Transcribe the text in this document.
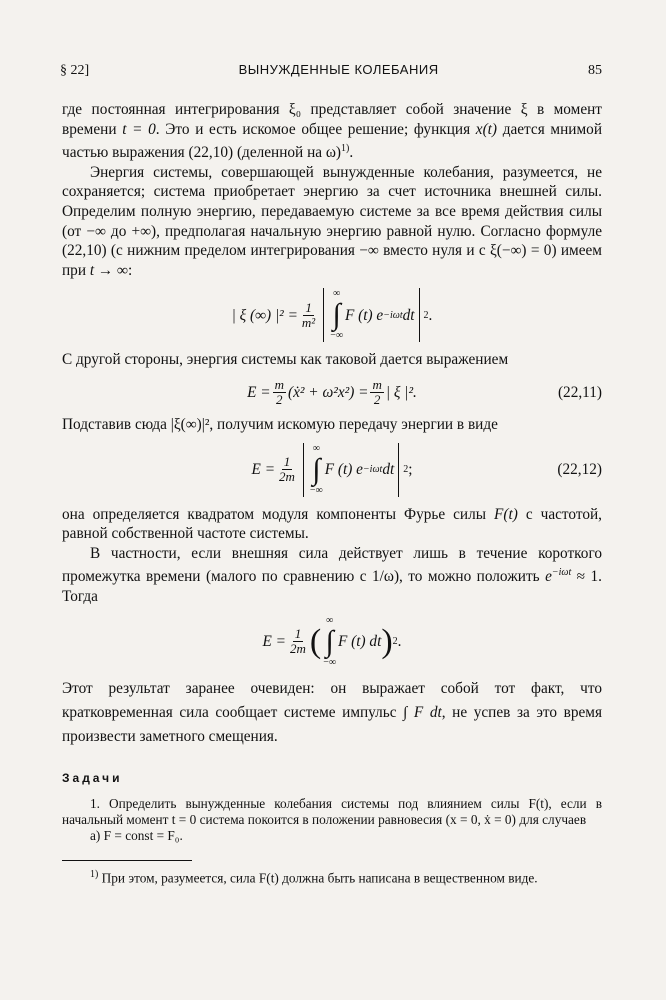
§ 22]	ВЫНУЖДЕННЫЕ КОЛЕБАНИЯ	85

где постоянная интегрирования ξ₀ представляет собой значение ξ в момент времени t = 0. Это и есть искомое общее решение; функция x(t) дается мнимой частью выражения (22,10) (деленной на ω)$^{1)}$.

Энергия системы, совершающей вынужденные колебания, разумеется, не сохраняется; система приобретает энергию за счет источника внешней силы. Определим полную энергию, передаваемую системе за все время действия силы (от −∞ до +∞), предполагая начальную энергию равной нулю. Согласно формуле (22,10) (с нижним пределом интегрирования −∞ вместо нуля и с ξ(−∞) = 0) имеем при t → ∞:

| ξ (∞) $|^2 = \frac{1}{\text{m²}}$
∞
∫
−∞
F (t) e −iωt dt 2 .

С другой стороны, энергия системы как таковой дается выражением

$E = \frac{m}{2}$ (ẋ² + $\omega^2x^2) = \frac{m}{2}$ | ξ |².	(22,11)

Подставив сюда |ξ(∞)|², получим искомую передачу энергии в виде

$E = \frac{1}{2m}$
∞
∫
−∞
F (t) e −iωt dt 2 ;	(22,12)

она определяется квадратом модуля компоненты Фурье силы F(t) с частотой, равной собственной частоте системы.

В частности, если внешняя сила действует лишь в течение короткого промежутка времени (малого по сравнению с 1/ω), то можно положить $e^{-i\omega t} \approx 1$. Тогда

$E = \frac{1}{2m}$ (
∞
∫
−∞
F (t) dt ) 2 .

Этот результат заранее очевиден: он выражает собой тот факт, что кратковременная сила сообщает системе импульс ∫ F dt, не успев за это время произвести заметного смещения.

Задачи

1. Определить вынужденные колебания системы под влиянием силы F(t), если в начальный момент t = 0 система покоится в положении равновесия (x = 0, ẋ = 0) для случаев

а) F = const = F₀.

$^{1)}$ При этом, разумеется, сила F(t) должна быть написана в вещественном виде.
